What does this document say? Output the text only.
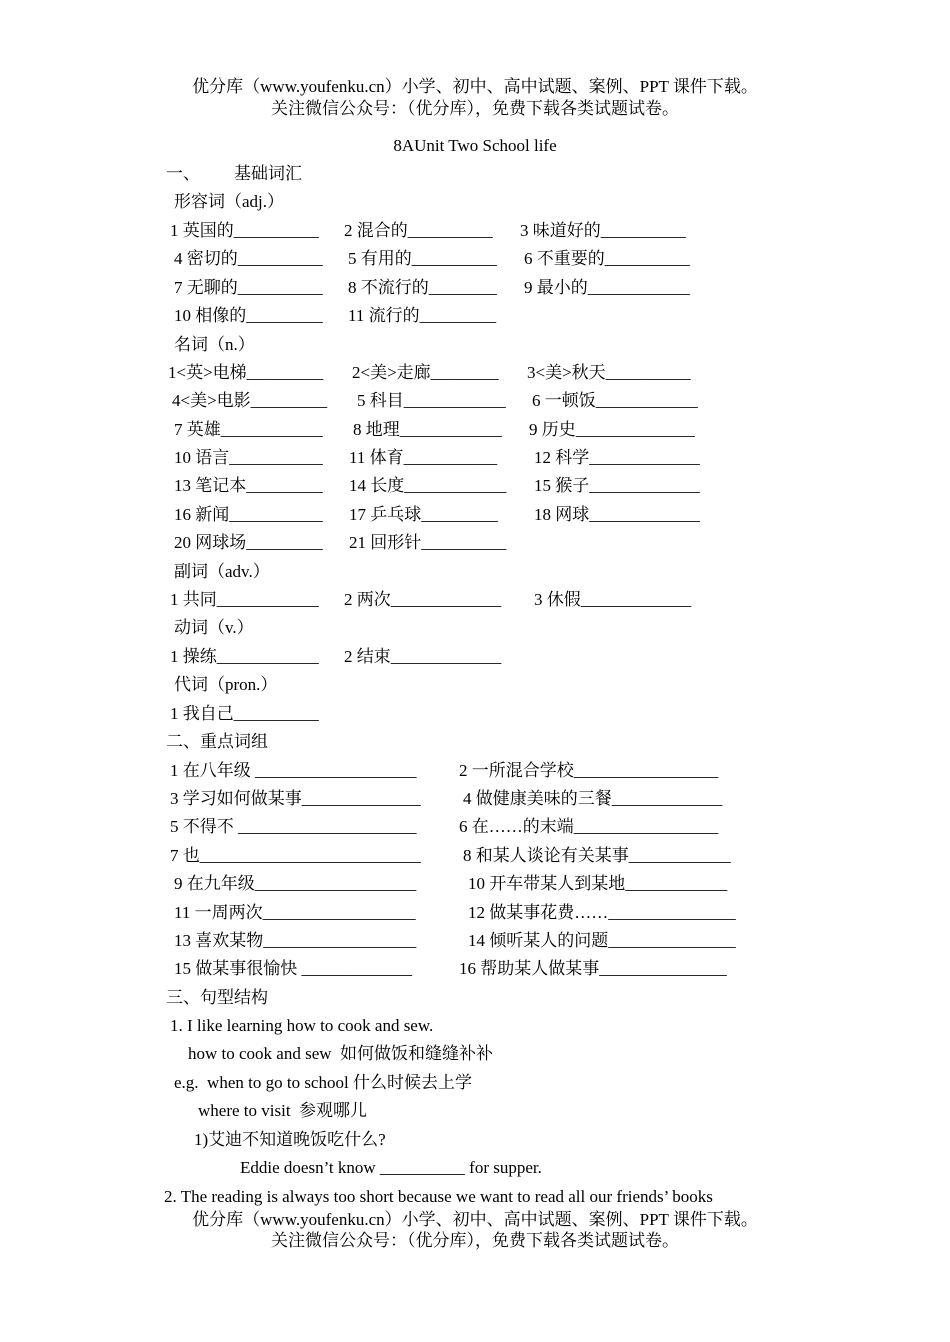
优分库（www.youfenku.cn）小学、初中、高中试题、案例、PPT 课件下载。
关注微信公众号：（优分库），免费下载各类试题试卷。
8AUnit Two School life
一、        基础词汇
形容词（adj.）
1 英国的__________ 2 混合的__________ 3 味道好的__________
4 密切的__________ 5 有用的__________ 6 不重要的__________
7 无聊的__________ 8 不流行的________ 9 最小的____________
10 相像的_________ 11 流行的_________
名词（n.）
1<英>电梯_________ 2<美>走廊________ 3<美>秋天__________
4<美>电影_________ 5 科目____________ 6 一顿饭____________
7 英雄____________ 8 地理____________ 9 历史______________
10 语言___________ 11 体育___________ 12 科学_____________
13 笔记本_________ 14 长度____________ 15 猴子_____________
16 新闻___________ 17 乒乓球_________ 18 网球_____________
20 网球场_________ 21 回形针__________
副词（adv.）
1 共同____________ 2 两次_____________ 3 休假_____________
动词（v.）
1 操练____________ 2 结束_____________
代词（pron.）
1 我自己__________
二、重点词组
1 在八年级 ___________________	2 一所混合学校_________________
3 学习如何做某事______________ 4 做健康美味的三餐_____________
5 不得不 _____________________	6 在……的末端_________________
7 也__________________________ 8 和某人谈论有关某事____________
9 在九年级___________________	10 开车带某人到某地____________
11 一周两次__________________	12 做某事花费……_______________
13 喜欢某物__________________	14 倾听某人的问题_______________
15 做某事很愉快 _____________	16 帮助某人做某事_______________
三、句型结构
1. I like learning how to cook and sew.
how to cook and sew  如何做饭和缝缝补补
e.g.  when to go to school 什么时候去上学
where to visit  参观哪儿
1)艾迪不知道晚饭吃什么?
Eddie doesn’t know __________ for supper.
2. The reading is always too short because we want to read all our friends’ books
优分库（www.youfenku.cn）小学、初中、高中试题、案例、PPT 课件下载。
关注微信公众号：（优分库），免费下载各类试题试卷。
